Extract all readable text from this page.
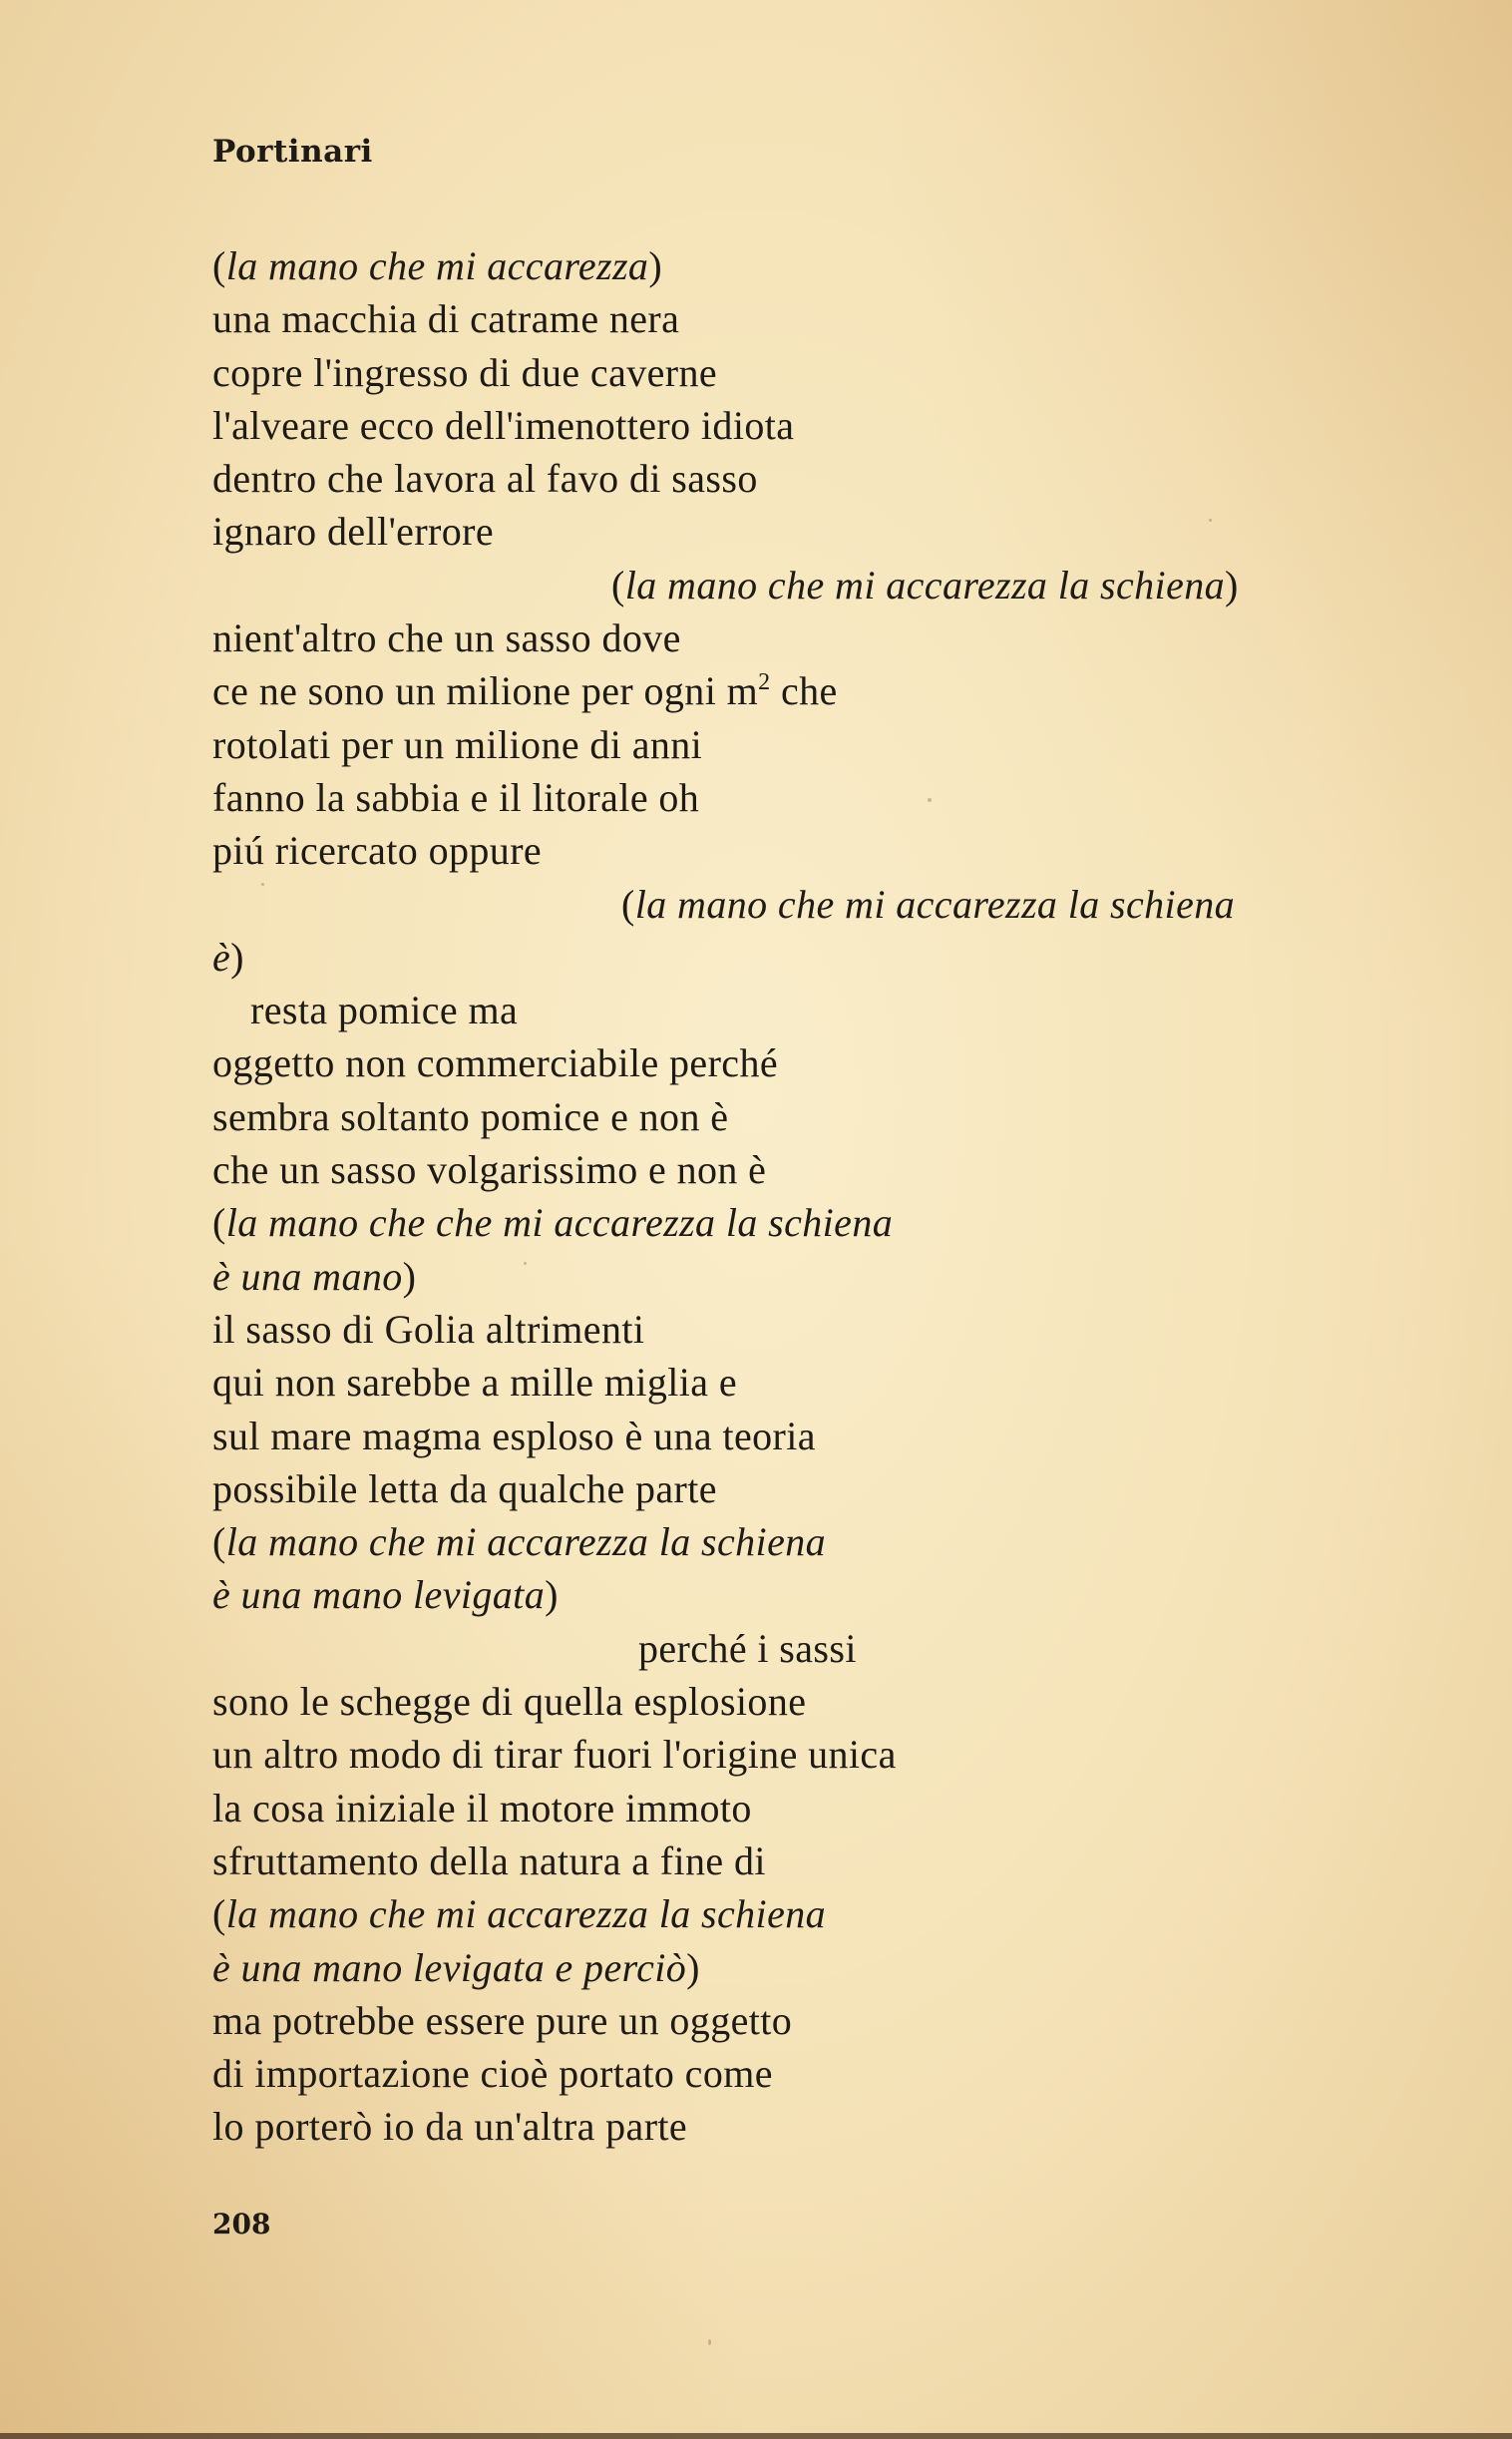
Portinari
(la mano che mi accarezza)
una macchia di catrame nera
copre l'ingresso di due caverne
l'alveare ecco dell'imenottero idiota
dentro che lavora al favo di sasso
ignaro dell'errore
(la mano che mi accarezza la schiena)
nient'altro che un sasso dove
ce ne sono un milione per ogni $m^2$ che
rotolati per un milione di anni
fanno la sabbia e il litorale oh
piú ricercato oppure
(la mano che mi accarezza la schiena
è)
resta pomice ma
oggetto non commerciabile perché
sembra soltanto pomice e non è
che un sasso volgarissimo e non è
(la mano che che mi accarezza la schiena
è una mano)
il sasso di Golia altrimenti
qui non sarebbe a mille miglia e
sul mare magma esploso è una teoria
possibile letta da qualche parte
(la mano che mi accarezza la schiena
è una mano levigata)
perché i sassi
sono le schegge di quella esplosione
un altro modo di tirar fuori l'origine unica
la cosa iniziale il motore immoto
sfruttamento della natura a fine di
(la mano che mi accarezza la schiena
è una mano levigata e perciò)
ma potrebbe essere pure un oggetto
di importazione cioè portato come
lo porterò io da un'altra parte
208
